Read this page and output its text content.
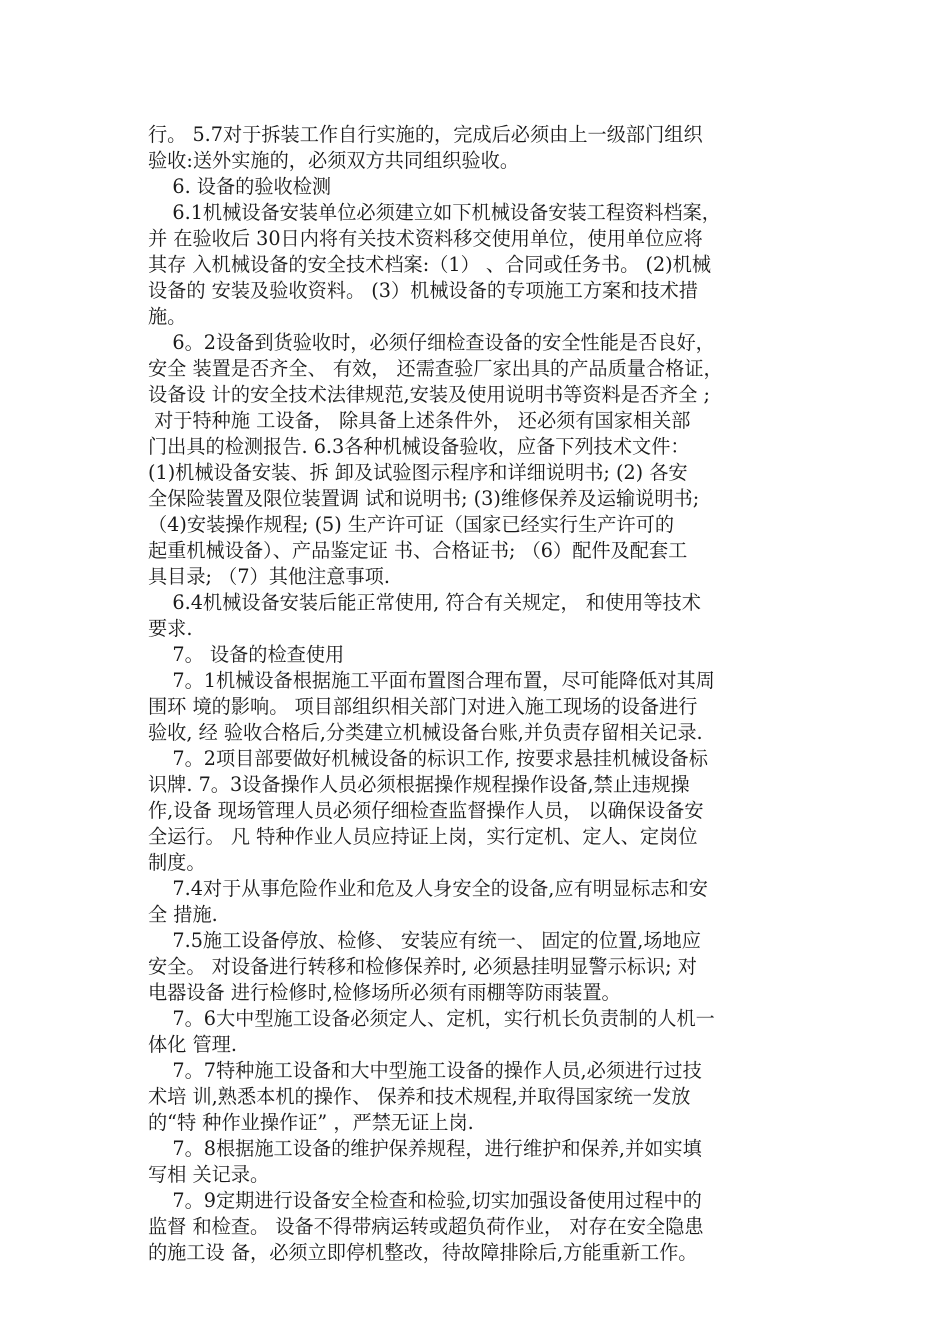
行。 5.7对于拆装工作自行实施的，完成后必须由上一级部门组织
验收:送外实施的，必须双方共同组织验收。
6. 设备的验收检测
6.1机械设备安装单位必须建立如下机械设备安装工程资料档案，
并 在验收后 30日内将有关技术资料移交使用单位，使用单位应将
其存 入机械设备的安全技术档案:（1） 、合同或任务书。 (2)机械
设备的 安装及验收资料。 (3）机械设备的专项施工方案和技术措
施。
6。2设备到货验收时，必须仔细检查设备的安全性能是否良好，
安全 装置是否齐全、 有效， 还需查验厂家出具的产品质量合格证，
设备设 计的安全技术法律规范,安装及使用说明书等资料是否齐全 ;
对于特种施 工设备， 除具备上述条件外， 还必须有国家相关部
门出具的检测报告. 6.3各种机械设备验收，应备下列技术文件：
(1)机械设备安装、拆 卸及试验图示程序和详细说明书; (2) 各安
全保险装置及限位装置调 试和说明书; (3)维修保养及运输说明书;
（4)安装操作规程; (5) 生产许可证（国家已经实行生产许可的
起重机械设备）、产品鉴定证 书、合格证书; （6）配件及配套工
具目录; （7）其他注意事项.
6.4机械设备安装后能正常使用, 符合有关规定， 和使用等技术
要求.
7。 设备的检查使用
7。1机械设备根据施工平面布置图合理布置，尽可能降低对其周
围环 境的影响。 项目部组织相关部门对进入施工现场的设备进行
验收, 经 验收合格后,分类建立机械设备台账,并负责存留相关记录.
7。2项目部要做好机械设备的标识工作, 按要求悬挂机械设备标
识牌. 7。3设备操作人员必须根据操作规程操作设备,禁止违规操
作,设备 现场管理人员必须仔细检查监督操作人员， 以确保设备安
全运行。 凡 特种作业人员应持证上岗，实行定机、定人、定岗位
制度。
7.4对于从事危险作业和危及人身安全的设备,应有明显标志和安
全 措施.
7.5施工设备停放、检修、 安装应有统一、 固定的位置,场地应
安全。 对设备进行转移和检修保养时, 必须悬挂明显警示标识; 对
电器设备 进行检修时,检修场所必须有雨棚等防雨装置。
7。6大中型施工设备必须定人、定机，实行机长负责制的人机一
体化 管理.
7。7特种施工设备和大中型施工设备的操作人员,必须进行过技
术培 训,熟悉本机的操作、 保养和技术规程,并取得国家统一发放
的“特 种作业操作证” ，严禁无证上岗.
7。8根据施工设备的维护保养规程，进行维护和保养,并如实填
写相 关记录。
7。9定期进行设备安全检查和检验,切实加强设备使用过程中的
监督 和检查。 设备不得带病运转或超负荷作业， 对存在安全隐患
的施工设 备，必须立即停机整改，待故障排除后,方能重新工作。
